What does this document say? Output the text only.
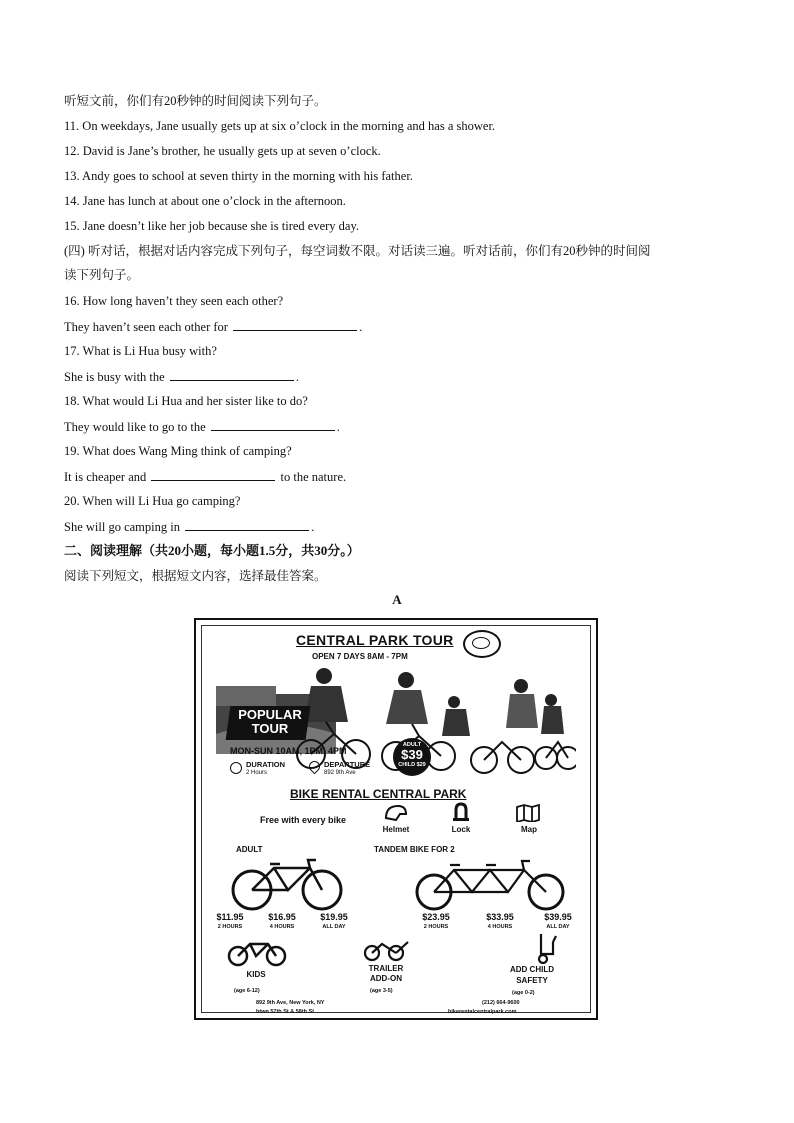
听短文前，你们有20秒钟的时间阅读下列句子。
11. On weekdays, Jane usually gets up at six o’clock in the morning and has a shower.
12. David is Jane’s brother, he usually gets up at seven o’clock.
13. Andy goes to school at seven thirty in the morning with his father.
14. Jane has lunch at about one o’clock in the afternoon.
15. Jane doesn’t like her job because she is tired every day.
(四) 听对话，根据对话内容完成下列句子，每空词数不限。对话读三遍。听对话前，你们有20秒钟的时间阅
读下列句子。
16. How long haven’t they seen each other?
They haven’t seen each other for	.
17. What is Li Hua busy with?
She is busy with the	.
18. What would Li Hua and her sister like to do?
They would like to go to the	.
19. What does Wang Ming think of camping?
It is cheaper and	to the nature.
20. When will Li Hua go camping?
She will go camping in	.
二、阅读理解（共20小题，每小题1.5分，共30分。）
阅读下列短文，根据短文内容，选择最佳答案。
A
CENTRAL PARK TOUR
OPEN 7 DAYS 8AM - 7PM
POPULAR
TOUR
ADULT
$39
CHILD $29
MON-SUN 10AM, 1PM, 4PM
DURATION
2 Hours
DEPARTURE
892 9th Ave
BIKE RENTAL CENTRAL PARK
Free with every bike
Helmet	Lock	Map
ADULT	TANDEM BIKE FOR 2
$11.95
2 HOURS
$16.95
4 HOURS
$19.95
ALL DAY
$23.95
2 HOURS
$33.95
4 HOURS
$39.95
ALL DAY
KIDS
(age 6-12)
TRAILER
ADD-ON
(age 3-5)
ADD CHILD
SAFETY
(age 0-2)
892 9th Ave, New York, NY
btwn 57th St & 58th St
(212) 664-9600
bikerentalcentralpark.com
